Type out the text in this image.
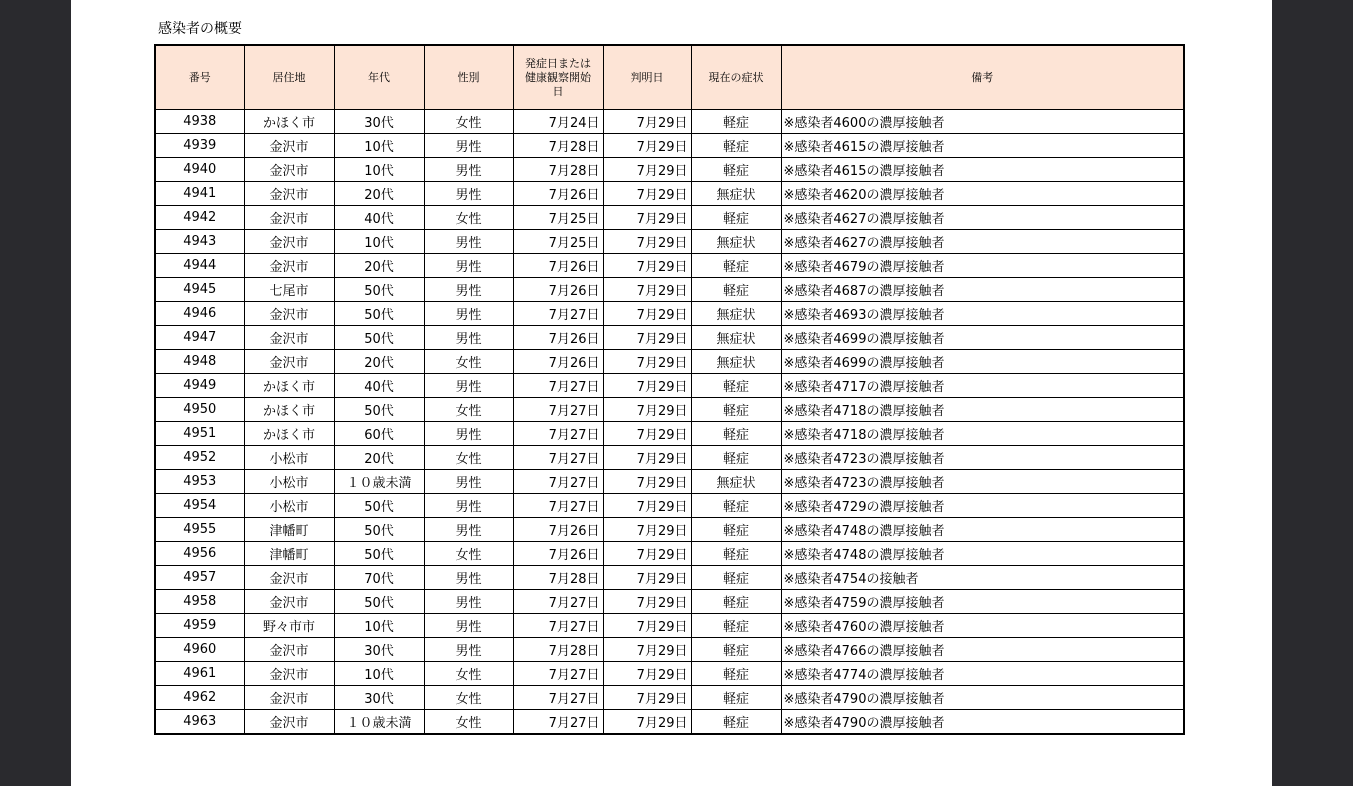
感染者の概要
番号	居住地	年代	性別	発症日または健康観察開始日	判明日	現在の症状	備考
4938	かほく市	30代	女性	7月24日	7月29日	軽症	※感染者4600の濃厚接触者
4939	金沢市	10代	男性	7月28日	7月29日	軽症	※感染者4615の濃厚接触者
4940	金沢市	10代	男性	7月28日	7月29日	軽症	※感染者4615の濃厚接触者
4941	金沢市	20代	男性	7月26日	7月29日	無症状	※感染者4620の濃厚接触者
4942	金沢市	40代	女性	7月25日	7月29日	軽症	※感染者4627の濃厚接触者
4943	金沢市	10代	男性	7月25日	7月29日	無症状	※感染者4627の濃厚接触者
4944	金沢市	20代	男性	7月26日	7月29日	軽症	※感染者4679の濃厚接触者
4945	七尾市	50代	男性	7月26日	7月29日	軽症	※感染者4687の濃厚接触者
4946	金沢市	50代	男性	7月27日	7月29日	無症状	※感染者4693の濃厚接触者
4947	金沢市	50代	男性	7月26日	7月29日	無症状	※感染者4699の濃厚接触者
4948	金沢市	20代	女性	7月26日	7月29日	無症状	※感染者4699の濃厚接触者
4949	かほく市	40代	男性	7月27日	7月29日	軽症	※感染者4717の濃厚接触者
4950	かほく市	50代	女性	7月27日	7月29日	軽症	※感染者4718の濃厚接触者
4951	かほく市	60代	男性	7月27日	7月29日	軽症	※感染者4718の濃厚接触者
4952	小松市	20代	女性	7月27日	7月29日	軽症	※感染者4723の濃厚接触者
4953	小松市	１０歳未満	男性	7月27日	7月29日	無症状	※感染者4723の濃厚接触者
4954	小松市	50代	男性	7月27日	7月29日	軽症	※感染者4729の濃厚接触者
4955	津幡町	50代	男性	7月26日	7月29日	軽症	※感染者4748の濃厚接触者
4956	津幡町	50代	女性	7月26日	7月29日	軽症	※感染者4748の濃厚接触者
4957	金沢市	70代	男性	7月28日	7月29日	軽症	※感染者4754の接触者
4958	金沢市	50代	男性	7月27日	7月29日	軽症	※感染者4759の濃厚接触者
4959	野々市市	10代	男性	7月27日	7月29日	軽症	※感染者4760の濃厚接触者
4960	金沢市	30代	男性	7月28日	7月29日	軽症	※感染者4766の濃厚接触者
4961	金沢市	10代	女性	7月27日	7月29日	軽症	※感染者4774の濃厚接触者
4962	金沢市	30代	女性	7月27日	7月29日	軽症	※感染者4790の濃厚接触者
4963	金沢市	１０歳未満	女性	7月27日	7月29日	軽症	※感染者4790の濃厚接触者
